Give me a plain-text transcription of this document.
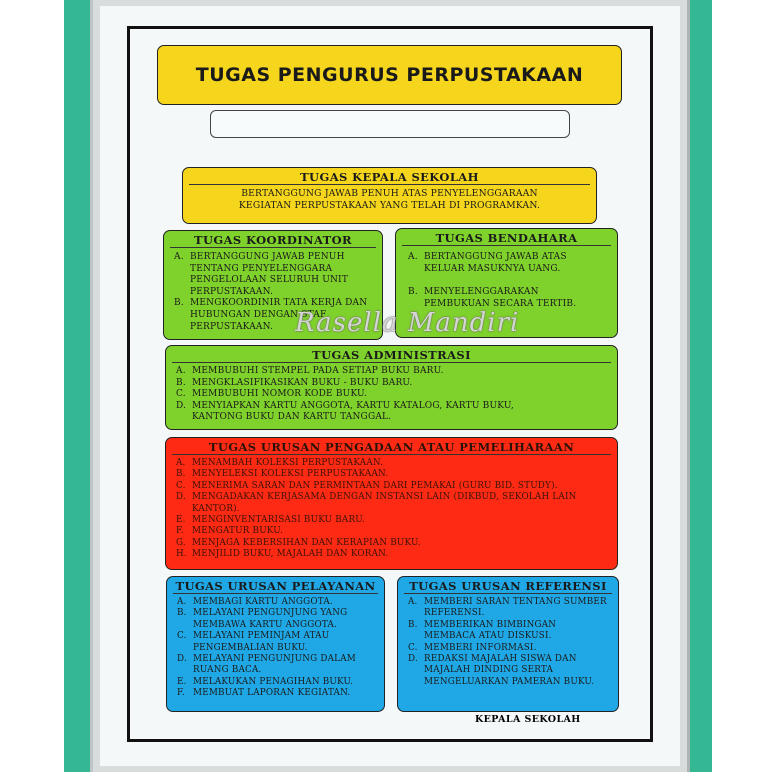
TUGAS PENGURUS PERPUSTAKAAN
TUGAS KEPALA SEKOLAH
BERTANGGUNG JAWAB PENUH ATAS PENYELENGGARAAN
KEGIATAN PERPUSTAKAAN YANG TELAH DI PROGRAMKAN.
TUGAS KOORDINATOR
A. BERTANGGUNG JAWAB PENUH TENTANG PENYELENGGARA PENGELOLAAN SELURUH UNIT PERPUSTAKAAN.
B. MENGKOORDINIR TATA KERJA DAN HUBUNGAN DENGAN STAF PERPUSTAKAAN.
TUGAS BENDAHARA
A. BERTANGGUNG JAWAB ATAS KELUAR MASUKNYA UANG.
B. MENYELENGGARAKAN PEMBUKUAN SECARA TERTIB.
TUGAS ADMINISTRASI
A. MEMBUBUHI STEMPEL PADA SETIAP BUKU BARU.
B. MENGKLASIFIKASIKAN BUKU - BUKU BARU.
C. MEMBUBUHI NOMOR KODE BUKU.
D. MENYIAPKAN KARTU ANGGOTA, KARTU KATALOG, KARTU BUKU, KANTONG BUKU DAN KARTU TANGGAL.
TUGAS URUSAN PENGADAAN ATAU PEMELIHARAAN
A. MENAMBAH KOLEKSI PERPUSTAKAAN.
B. MENYELEKSI KOLEKSI PERPUSTAKAAN.
C. MENERIMA SARAN DAN PERMINTAAN DARI PEMAKAI (GURU BID. STUDY).
D. MENGADAKAN KERJASAMA DENGAN INSTANSI LAIN (DIKBUD, SEKOLAH LAIN KANTOR).
E. MENGINVENTARISASI BUKU BARU.
F. MENGATUR BUKU.
G. MENJAGA KEBERSIHAN DAN KERAPIAN BUKU.
H. MENJILID BUKU, MAJALAH DAN KORAN.
TUGAS URUSAN PELAYANAN
A. MEMBAGI KARTU ANGGOTA.
B. MELAYANI PENGUNJUNG YANG MEMBAWA KARTU ANGGOTA.
C. MELAYANI PEMINJAM ATAU PENGEMBALIAN BUKU.
D. MELAYANI PENGUNJUNG DALAM RUANG BACA.
E. MELAKUKAN PENAGIHAN BUKU.
F. MEMBUAT LAPORAN KEGIATAN.
TUGAS URUSAN REFERENSI
A. MEMBERI SARAN TENTANG SUMBER REFERENSI.
B. MEMBERIKAN BIMBINGAN MEMBACA ATAU DISKUSI.
C. MEMBERI INFORMASI.
D. REDAKSI MAJALAH SISWA DAN MAJALAH DINDING SERTA MENGELUARKAN PAMERAN BUKU.
Rasella Mandiri
KEPALA SEKOLAH
